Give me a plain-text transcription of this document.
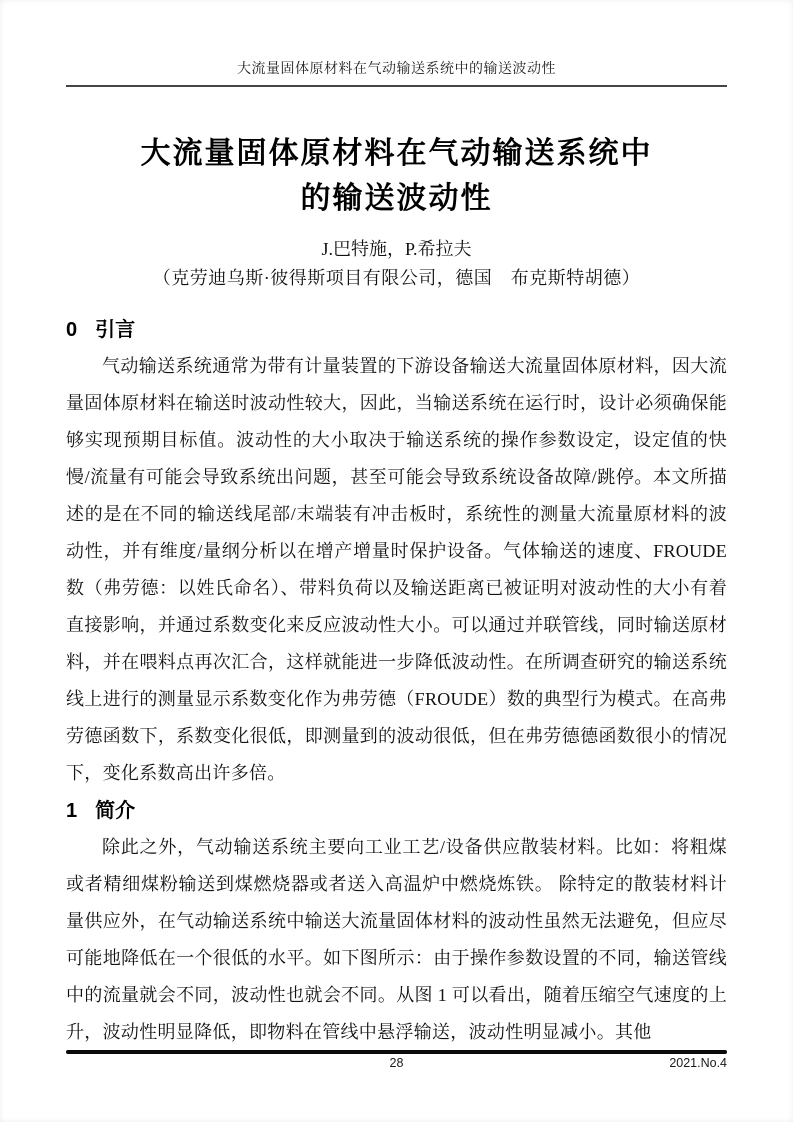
大流量固体原材料在气动输送系统中的输送波动性
大流量固体原材料在气动输送系统中
的输送波动性
J.巴特施，P.希拉夫
（克劳迪乌斯·彼得斯项目有限公司，德国　布克斯特胡德）
0 引言

气动输送系统通常为带有计量装置的下游设备输送大流量固体原材料，因大流量固体原材料在输送时波动性较大，因此，当输送系统在运行时，设计必须确保能够实现预期目标值。波动性的大小取决于输送系统的操作参数设定，设定值的快慢/流量有可能会导致系统出问题，甚至可能会导致系统设备故障/跳停。本文所描述的是在不同的输送线尾部/末端装有冲击板时，系统性的测量大流量原材料的波动性，并有维度/量纲分析以在增产增量时保护设备。气体输送的速度、FROUDE 数（弗劳德：以姓氏命名）、带料负荷以及输送距离已被证明对波动性的大小有着直接影响，并通过系数变化来反应波动性大小。可以通过并联管线，同时输送原材料，并在喂料点再次汇合，这样就能进一步降低波动性。在所调查研究的输送系统线上进行的测量显示系数变化作为弗劳德（FROUDE）数的典型行为模式。在高弗劳德函数下，系数变化很低，即测量到的波动很低，但在弗劳德德函数很小的情况下，变化系数高出许多倍。

1 简介

除此之外，气动输送系统主要向工业工艺/设备供应散装材料。比如：将粗煤或者精细煤粉输送到煤燃烧器或者送入高温炉中燃烧炼铁。 除特定的散装材料计量供应外，在气动输送系统中输送大流量固体材料的波动性虽然无法避免，但应尽可能地降低在一个很低的水平。如下图所示：由于操作参数设置的不同，输送管线中的流量就会不同，波动性也就会不同。从图 1 可以看出，随着压缩空气速度的上升，波动性明显降低，即物料在管线中悬浮输送，波动性明显减小。其他

28	2021.No.4
